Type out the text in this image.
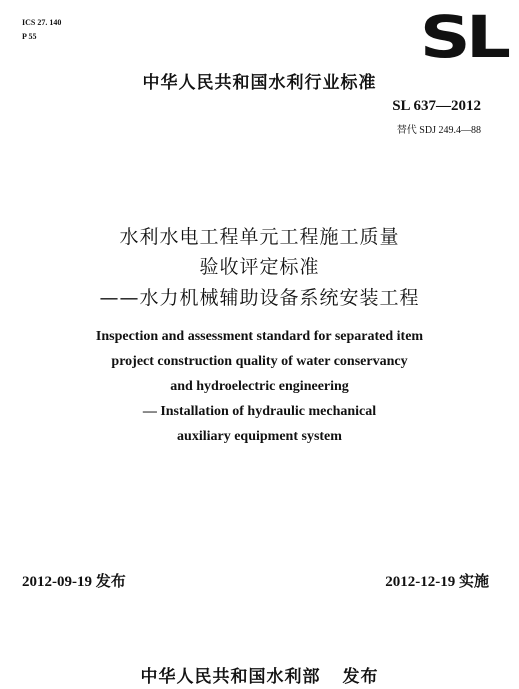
ICS 27. 140
P 55	SL
中华人民共和国水利行业标准
SL 637—2012
替代 SDJ 249.4—88
水利水电工程单元工程施工质量
验收评定标准
——水力机械辅助设备系统安装工程
Inspection and assessment standard for separated item
project construction quality of water conservancy
and hydroelectric engineering
— Installation of hydraulic mechanical
auxiliary equipment system
2012-09-19 发布	2012-12-19 实施
中华人民共和国水利部 发布
